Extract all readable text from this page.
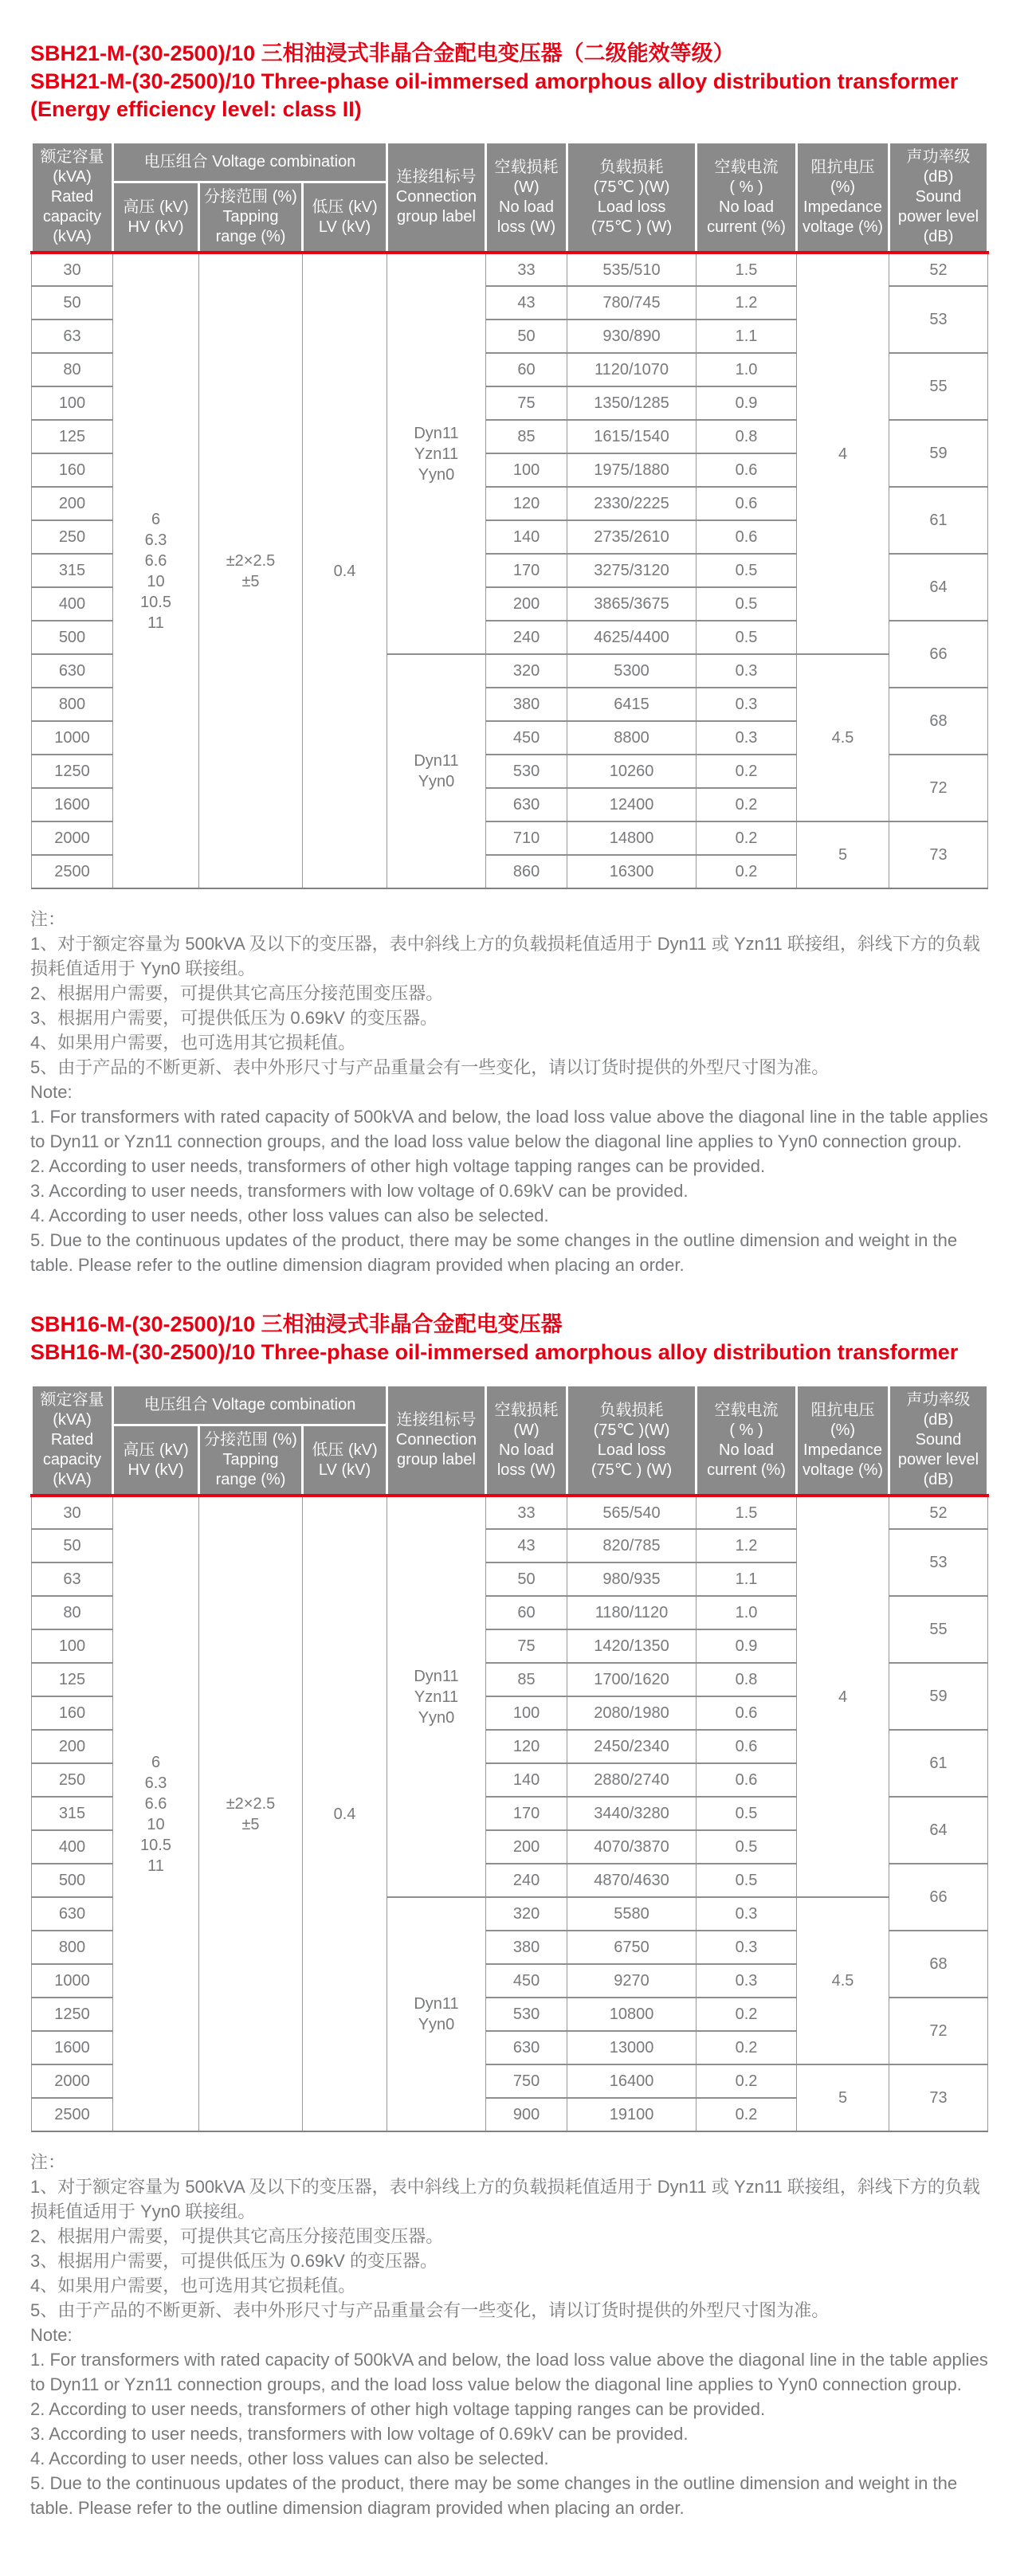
SBH21-M-(30-2500)/10 三相油浸式非晶合金配电变压器（二级能效等级）
SBH21-M-(30-2500)/10 Three-phase oil-immersed amorphous alloy distribution transformer (Energy efficiency level: class II)
额定容量
(kVA)
Rated
capacity
(kVA)	电压组合 Voltage combination			连接组标号
Connection
group label	空载损耗
(W)
No load
loss (W)	负载损耗
(75℃ )(W)
Load loss
(75℃ ) (W)	空载电流
( % )
No load
current (%)	阻抗电压
(%)
Impedance
voltage (%)	声功率级
(dB)
Sound
power level
(dB)
	高压 (kV)
HV (kV)	分接范围 (%)
Tapping
range (%)	低压 (kV)
LV (kV)						
30	6
6.3
6.6
10
10.5
11	±2×2.5
±5	0.4	Dyn11
Yzn11
Yyn0	33	535/510	1.5	4	52
50					43	780/745	1.2		53
63					50	930/890	1.1		
80					60	1120/1070	1.0		55
100					75	1350/1285	0.9		
125					85	1615/1540	0.8		59
160					100	1975/1880	0.6		
200					120	2330/2225	0.6		61
250					140	2735/2610	0.6		
315					170	3275/3120	0.5		64
400					200	3865/3675	0.5		
500					240	4625/4400	0.5		66
630				Dyn11
Yyn0	320	5300	0.3	4.5	
800					380	6415	0.3		68
1000					450	8800	0.3		
1250					530	10260	0.2		72
1600					630	12400	0.2		
2000					710	14800	0.2	5	73
2500					860	16300	0.2		

注：

1、对于额定容量为 500kVA 及以下的变压器，表中斜线上方的负载损耗值适用于 Dyn11 或 Yzn11 联接组，斜线下方的负载损耗值适用于 Yyn0 联接组。

2、根据用户需要，可提供其它高压分接范围变压器。

3、根据用户需要，可提供低压为 0.69kV 的变压器。

4、如果用户需要，也可选用其它损耗值。

5、由于产品的不断更新、表中外形尺寸与产品重量会有一些变化，请以订货时提供的外型尺寸图为准。

Note:

1. For transformers with rated capacity of 500kVA and below, the load loss value above the diagonal line in the table applies to Dyn11 or Yzn11 connection groups, and the load loss value below the diagonal line applies to Yyn0 connection group.

2. According to user needs, transformers of other high voltage tapping ranges can be provided.

3. According to user needs, transformers with low voltage of 0.69kV can be provided.

4. According to user needs, other loss values can also be selected.

5. Due to the continuous updates of the product, there may be some changes in the outline dimension and weight in the table. Please refer to the outline dimension diagram provided when placing an order.

SBH16-M-(30-2500)/10 三相油浸式非晶合金配电变压器
SBH16-M-(30-2500)/10 Three-phase oil-immersed amorphous alloy distribution transformer
额定容量
(kVA)
Rated
capacity
(kVA)	电压组合 Voltage combination			连接组标号
Connection
group label	空载损耗
(W)
No load
loss (W)	负载损耗
(75℃ )(W)
Load loss
(75℃ ) (W)	空载电流
( % )
No load
current (%)	阻抗电压
(%)
Impedance
voltage (%)	声功率级
(dB)
Sound
power level
(dB)
	高压 (kV)
HV (kV)	分接范围 (%)
Tapping
range (%)	低压 (kV)
LV (kV)						
30	6
6.3
6.6
10
10.5
11	±2×2.5
±5	0.4	Dyn11
Yzn11
Yyn0	33	565/540	1.5	4	52
50					43	820/785	1.2		53
63					50	980/935	1.1		
80					60	1180/1120	1.0		55
100					75	1420/1350	0.9		
125					85	1700/1620	0.8		59
160					100	2080/1980	0.6		
200					120	2450/2340	0.6		61
250					140	2880/2740	0.6		
315					170	3440/3280	0.5		64
400					200	4070/3870	0.5		
500					240	4870/4630	0.5		66
630				Dyn11
Yyn0	320	5580	0.3	4.5	
800					380	6750	0.3		68
1000					450	9270	0.3		
1250					530	10800	0.2		72
1600					630	13000	0.2		
2000					750	16400	0.2	5	73
2500					900	19100	0.2		

注：

1、对于额定容量为 500kVA 及以下的变压器，表中斜线上方的负载损耗值适用于 Dyn11 或 Yzn11 联接组，斜线下方的负载损耗值适用于 Yyn0 联接组。

2、根据用户需要，可提供其它高压分接范围变压器。

3、根据用户需要，可提供低压为 0.69kV 的变压器。

4、如果用户需要，也可选用其它损耗值。

5、由于产品的不断更新、表中外形尺寸与产品重量会有一些变化，请以订货时提供的外型尺寸图为准。

Note:

1. For transformers with rated capacity of 500kVA and below, the load loss value above the diagonal line in the table applies to Dyn11 or Yzn11 connection groups, and the load loss value below the diagonal line applies to Yyn0 connection group.

2. According to user needs, transformers of other high voltage tapping ranges can be provided.

3. According to user needs, transformers with low voltage of 0.69kV can be provided.

4. According to user needs, other loss values can also be selected.

5. Due to the continuous updates of the product, there may be some changes in the outline dimension and weight in the table. Please refer to the outline dimension diagram provided when placing an order.
